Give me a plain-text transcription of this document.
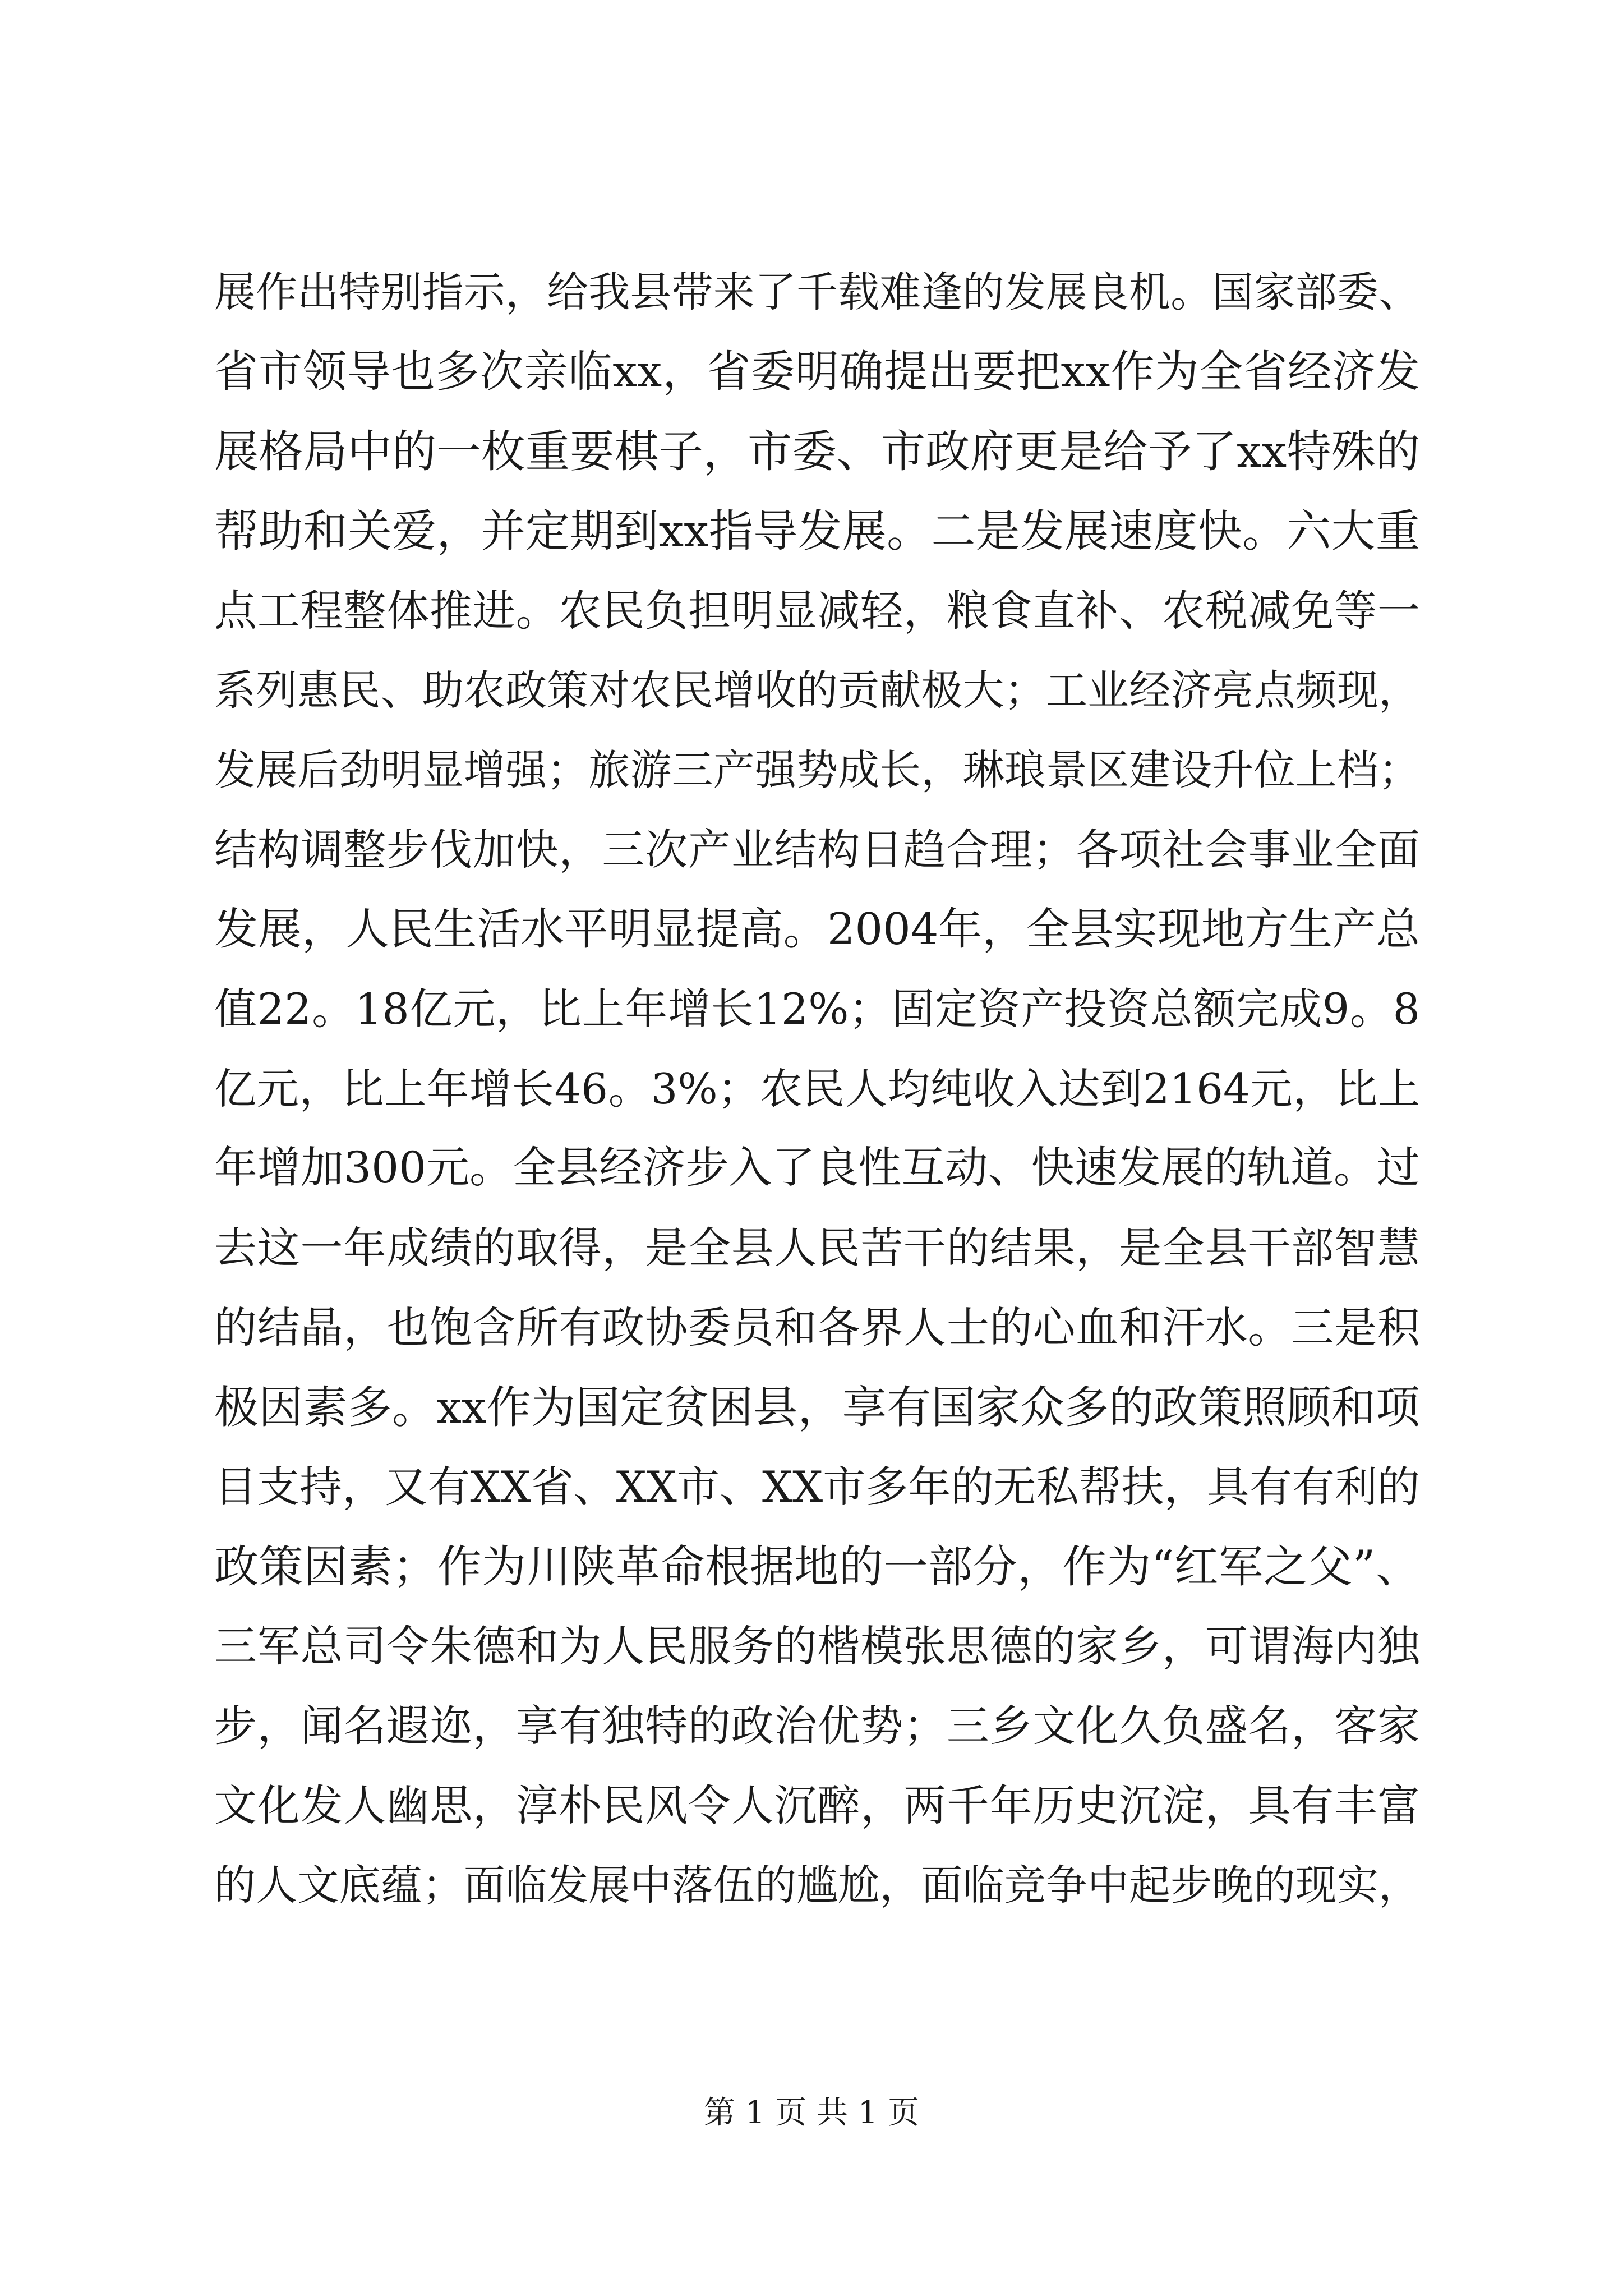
展作出特别指示，给我县带来了千载难逢的发展良机。国家部委、
省市领导也多次亲临xx，省委明确提出要把xx作为全省经济发
展格局中的一枚重要棋子，市委、市政府更是给予了xx特殊的
帮助和关爱，并定期到xx指导发展。二是发展速度快。六大重
点工程整体推进。农民负担明显减轻，粮食直补、农税减免等一
系列惠民、助农政策对农民增收的贡献极大；工业经济亮点频现，
发展后劲明显增强；旅游三产强势成长，琳琅景区建设升位上档；
结构调整步伐加快，三次产业结构日趋合理；各项社会事业全面
发展，人民生活水平明显提高。2004年，全县实现地方生产总
值22。18亿元，比上年增长12%；固定资产投资总额完成9。8
亿元，比上年增长46。3%；农民人均纯收入达到2164元，比上
年增加300元。全县经济步入了良性互动、快速发展的轨道。过
去这一年成绩的取得，是全县人民苦干的结果，是全县干部智慧
的结晶，也饱含所有政协委员和各界人士的心血和汗水。三是积
极因素多。xx作为国定贫困县，享有国家众多的政策照顾和项
目支持，又有XX省、XX市、XX市多年的无私帮扶，具有有利的
政策因素；作为川陕革命根据地的一部分，作为“红军之父”、
三军总司令朱德和为人民服务的楷模张思德的家乡，可谓海内独
步，闻名遐迩，享有独特的政治优势；三乡文化久负盛名，客家
文化发人幽思，淳朴民风令人沉醉，两千年历史沉淀，具有丰富
的人文底蕴；面临发展中落伍的尴尬，面临竞争中起步晚的现实，
第 1 页 共 1 页
